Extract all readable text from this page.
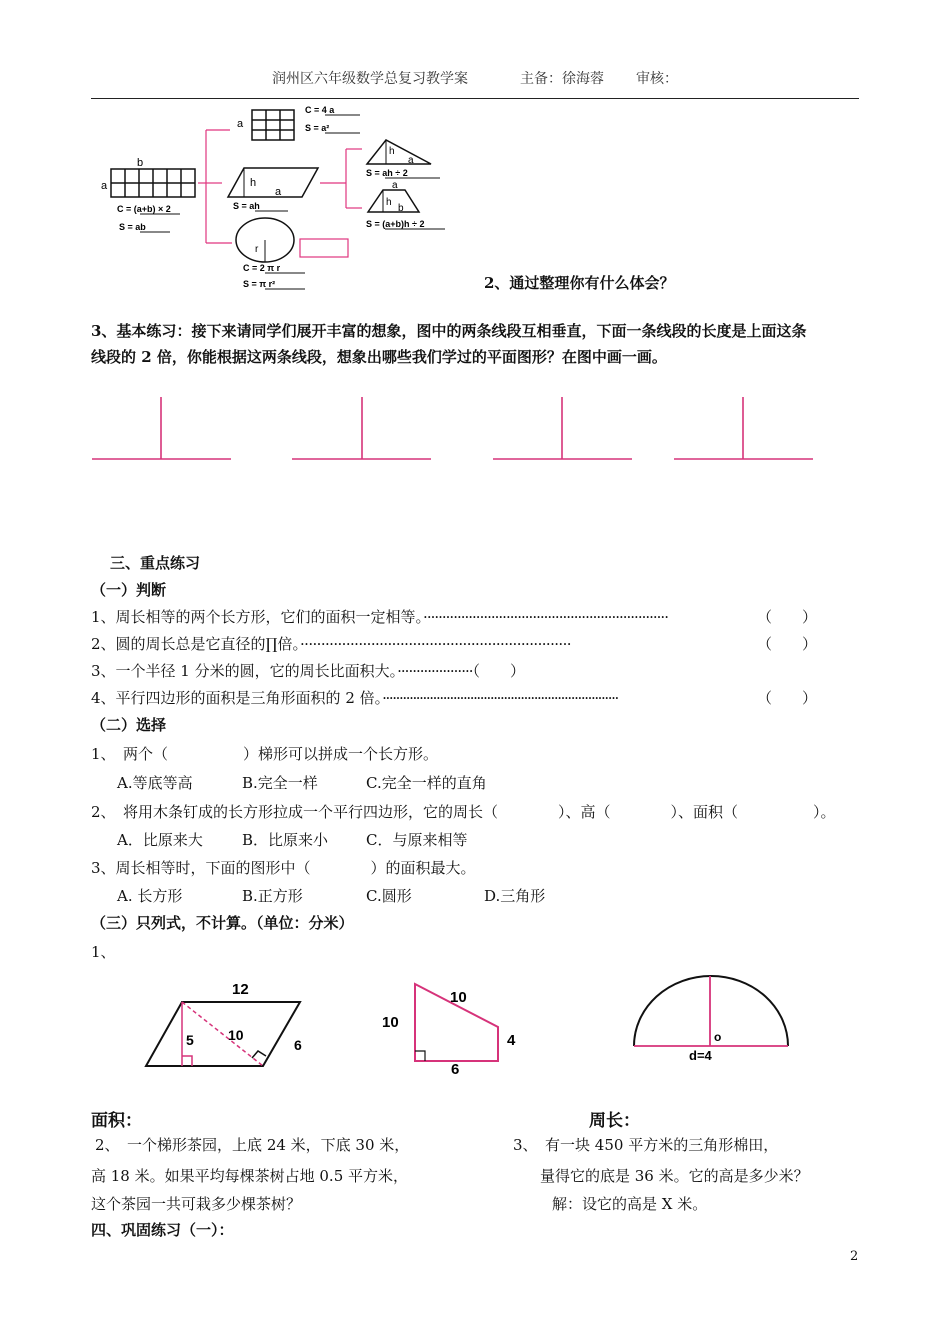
润州区六年级数学总复习教学案	主备：徐海蓉 审核：
b
a
C = (a+b) × 2
S = ab
a
C = 4 a
S = a²
h
a
S = ah
r
C = 2 π r
S = π r²
h
a
S = ah ÷ 2
a
h
b
S = (a+b)h ÷ 2
2、通过整理你有什么体会？
3、基本练习：接下来请同学们展开丰富的想象，图中的两条线段互相垂直，下面一条线段的长度是上面这条
线段的 2 倍，你能根据这两条线段，想象出哪些我们学过的平面图形？在图中画一画。
三、重点练习
（一）判断
1、周长相等的两个长方形，它们的面积一定相等。·································································	（　　）
2、圆的周长总是它直径的∏倍。·································································	（　　）
3、一个半径 1 分米的圆，它的周长比面积大。····················（　　）
4、平行四边形的面积是三角形面积的 2 倍。······································································	（　　）
（二）选择
1、　两个（　　　　　）梯形可以拼成一个长方形。
A.等底等高	B.完全一样	C.完全一样的直角
2、　将用木条钉成的长方形拉成一个平行四边形，它的周长（　　　　）、高（　　　　）、面积（　　　　　）。
A．比原来大	B．比原来小	C．与原来相等
3、周长相等时，下面的图形中（　　　　）的面积最大。
A. 长方形	B.正方形	C.圆形	D.三角形
（三）只列式，不计算。（单位：分米）
1、
12
5 10
6
10
10
4
6
o
d=4
面积：	周长：
2、　一个梯形茶园，上底 24 米，下底 30 米，
高 18 米。如果平均每棵茶树占地 0.5 平方米，
这个茶园一共可栽多少棵茶树？
3、　有一块 450 平方米的三角形棉田，
量得它的底是 36 米。它的高是多少米？
解：设它的高是 X 米。
四、巩固练习（一）：
2
